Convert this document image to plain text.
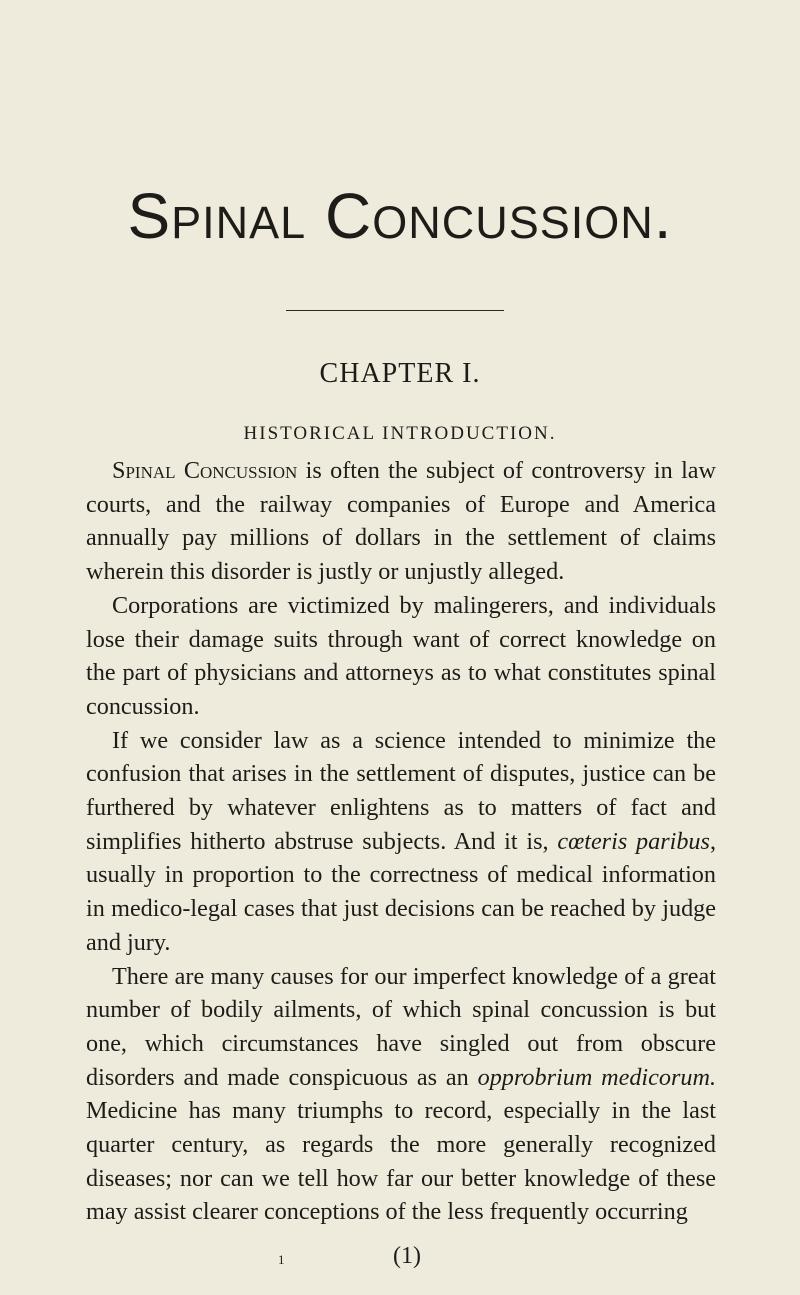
Spinal Concussion.
CHAPTER I.
HISTORICAL INTRODUCTION.

Spinal Concussion is often the subject of controversy in law courts, and the railway companies of Europe and America annually pay millions of dollars in the settlement of claims wherein this disorder is justly or unjustly alleged.

Corporations are victimized by malingerers, and individuals lose their damage suits through want of correct knowledge on the part of physicians and attorneys as to what constitutes spinal concussion.

If we consider law as a science intended to minimize the confusion that arises in the settlement of disputes, justice can be furthered by whatever enlightens as to matters of fact and simplifies hitherto abstruse subjects. And it is, cœteris paribus, usually in proportion to the correctness of medical information in medico-legal cases that just decisions can be reached by judge and jury.

There are many causes for our imperfect knowledge of a great number of bodily ailments, of which spinal concussion is but one, which circumstances have singled out from obscure disorders and made conspicuous as an opprobrium medicorum. Medicine has many triumphs to record, especially in the last quarter century, as regards the more generally recognized diseases; nor can we tell how far our better knowledge of these may assist clearer conceptions of the less frequently occurring

1	(1)
